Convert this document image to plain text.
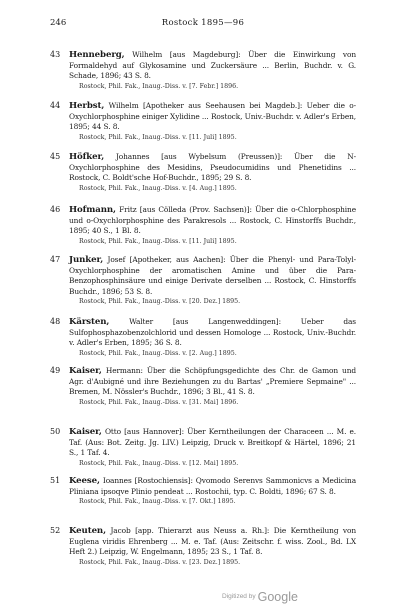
246	Rostock 1895—96
43 Henneberg, Wilhelm [aus Magdeburg]: Über die Einwirkung von Formaldehyd auf Glykosamine und Zuckersäure ... Berlin, Buchdr. v. G. Schade, 1896; 43 S. 8.
Rostock, Phil. Fak., Inaug.-Diss. v. [7. Febr.] 1896.
44 Herbst, Wilhelm [Apotheker aus Seehausen bei Magdeb.]: Ueber die o-Oxychlorphosphine einiger Xylidine ... Rostock, Univ.-Buchdr. v. Adler's Erben, 1895; 44 S. 8.
Rostock, Phil. Fak., Inaug.-Diss. v. [11. Juli] 1895.
45 Höfker, Johannes [aus Wybelsum (Preussen)]: Über die N-Oxychlorphosphine des Mesidins, Pseudocumidins und Phenetidins ... Rostock, C. Boldt'sche Hof-Buchdr., 1895; 29 S. 8.
Rostock, Phil. Fak., Inaug.-Diss. v. [4. Aug.] 1895.
46 Hofmann, Fritz [aus Cölleda (Prov. Sachsen)]: Über die o-Chlorphosphine und o-Oxychlorphosphine des Parakresols ... Rostock, C. Hinstorffs Buchdr., 1895; 40 S., 1 Bl. 8.
Rostock, Phil. Fak., Inaug.-Diss. v. [11. Juli] 1895.
47 Junker, Josef [Apotheker, aus Aachen]: Über die Phenyl- und Para-Tolyl-Oxychlorphosphine der aromatischen Amine und über die Para-Benzophosphinsäure und einige Derivate derselben ... Rostock, C. Hinstorffs Buchdr., 1896; 53 S. 8.
Rostock, Phil. Fak., Inaug.-Diss. v. [20. Dez.] 1895.
48 Kärsten, Walter [aus Langenweddingen]: Ueber das Sulfophosphazobenzolchlorid und dessen Homologe ... Rostock, Univ.-Buchdr. v. Adler's Erben, 1895; 36 S. 8.
Rostock, Phil. Fak., Inaug.-Diss. v. [2. Aug.] 1895.
49 Kaiser, Hermann: Über die Schöpfungsgedichte des Chr. de Gamon und Agr. d'Aubigné und ihre Beziehungen zu du Bartas' „Premiere Sepmaine" ... Bremen, M. Nössler's Buchdr., 1896; 3 Bl., 41 S. 8.
Rostock, Phil. Fak., Inaug.-Diss. v. [31. Mai] 1896.
50 Kaiser, Otto [aus Hannover]: Über Kerntheilungen der Characeen ... M. e. Taf. (Aus: Bot. Zeitg. Jg. LIV.) Leipzig, Druck v. Breitkopf & Härtel, 1896; 21 S., 1 Taf. 4.
Rostock, Phil. Fak., Inaug.-Diss. v. [12. Mai] 1895.
51 Keese, Ioannes [Rostochiensis]: Qvomodo Serenvs Sammonicvs a Medicina Pliniana ipsoqve Plinio pendeat ... Rostochii, typ. C. Boldti, 1896; 67 S. 8.
Rostock, Phil. Fak., Inaug.-Diss. v. [7. Okt.] 1895.
52 Keuten, Jacob [app. Thierarzt aus Neuss a. Rh.]: Die Kerntheilung von Euglena viridis Ehrenberg ... M. e. Taf. (Aus: Zeitschr. f. wiss. Zool., Bd. LX Heft 2.) Leipzig, W. Engelmann, 1895; 23 S., 1 Taf. 8.
Rostock, Phil. Fak., Inaug.-Diss. v. [23. Dez.] 1895.
Digitized by Google
